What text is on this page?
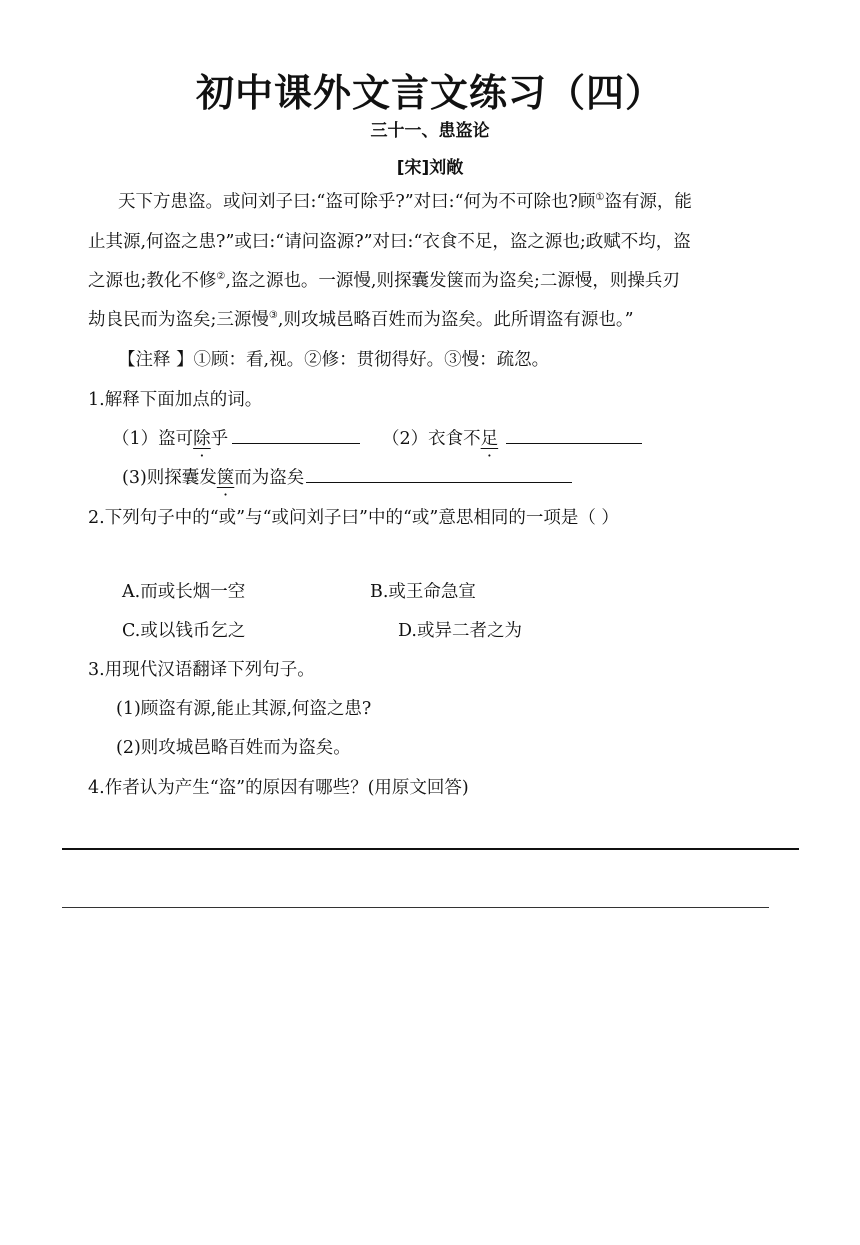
初中课外文言文练习（四）
三十一、患盗论
[宋]刘敞
天下方患盗。或问刘子曰:“盗可除乎?”对曰:“何为不可除也?顾①盗有源，能
止其源,何盗之患?”或曰:“请问盗源?”对曰:“衣食不足，盗之源也;政赋不均，盗
之源也;教化不修②,盗之源也。一源慢,则探囊发箧而为盗矣;二源慢，则操兵刃
劫良民而为盗矣;三源慢③,则攻城邑略百姓而为盗矣。此所谓盗有源也。”
【注释 】①顾：看,视。②修：贯彻得好。③慢：疏忽。
1.解释下面加点的词。
（1）盗可除乎	（2）衣食不足
(3)则探囊发箧而为盗矣
2.下列句子中的“或”与“或问刘子曰”中的“或”意思相同的一项是（ ）
A.而或长烟一空	B.或王命急宣
C.或以钱币乞之	D.或异二者之为
3.用现代汉语翻译下列句子。
(1)顾盗有源,能止其源,何盗之患?
(2)则攻城邑略百姓而为盗矣。
4.作者认为产生“盗”的原因有哪些？(用原文回答)
